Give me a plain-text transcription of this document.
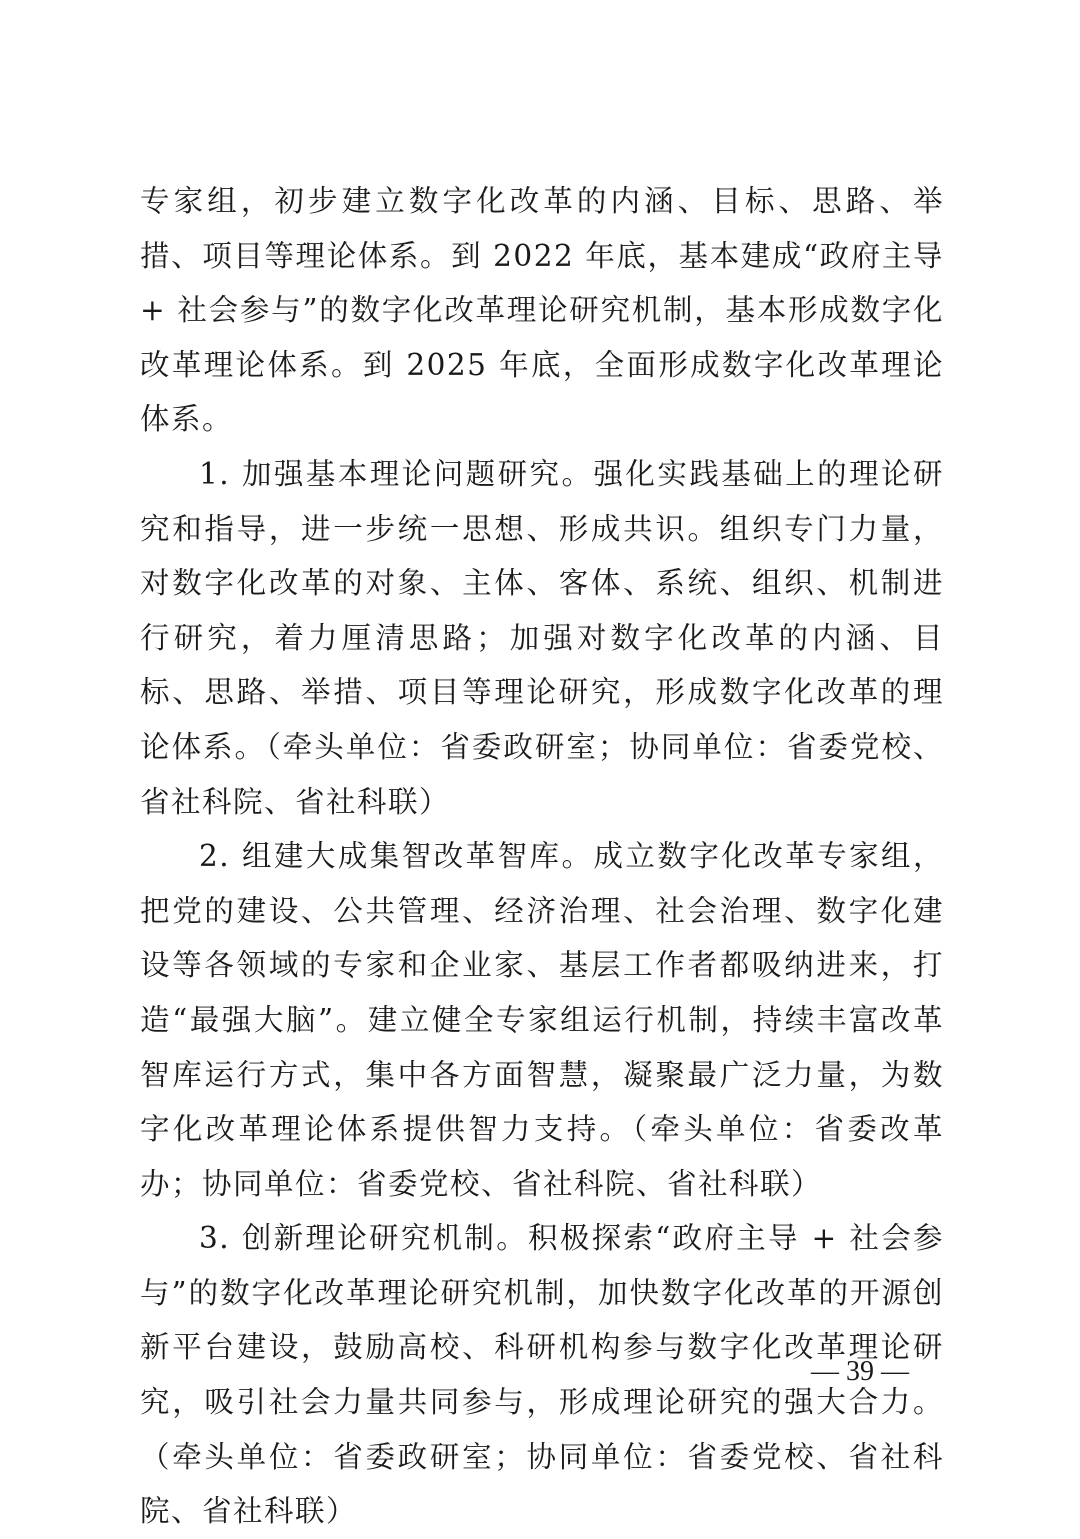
专家组，初步建立数字化改革的内涵、目标、思路、举措、项目等理论体系。到 2022 年底，基本建成“政府主导 + 社会参与”的数字化改革理论研究机制，基本形成数字化改革理论体系。到 2025 年底，全面形成数字化改革理论体系。

1. 加强基本理论问题研究。强化实践基础上的理论研究和指导，进一步统一思想、形成共识。组织专门力量，对数字化改革的对象、主体、客体、系统、组织、机制进行研究，着力厘清思路；加强对数字化改革的内涵、目标、思路、举措、项目等理论研究，形成数字化改革的理论体系。（牵头单位：省委政研室；协同单位：省委党校、省社科院、省社科联）

2. 组建大成集智改革智库。成立数字化改革专家组，把党的建设、公共管理、经济治理、社会治理、数字化建设等各领域的专家和企业家、基层工作者都吸纳进来，打造“最强大脑”。建立健全专家组运行机制，持续丰富改革智库运行方式，集中各方面智慧，凝聚最广泛力量，为数字化改革理论体系提供智力支持。（牵头单位：省委改革办；协同单位：省委党校、省社科院、省社科联）

3. 创新理论研究机制。积极探索“政府主导 + 社会参与”的数字化改革理论研究机制，加快数字化改革的开源创新平台建设，鼓励高校、科研机构参与数字化改革理论研究，吸引社会力量共同参与，形成理论研究的强大合力。（牵头单位：省委政研室；协同单位：省委党校、省社科院、省社科联）

— 39 —
